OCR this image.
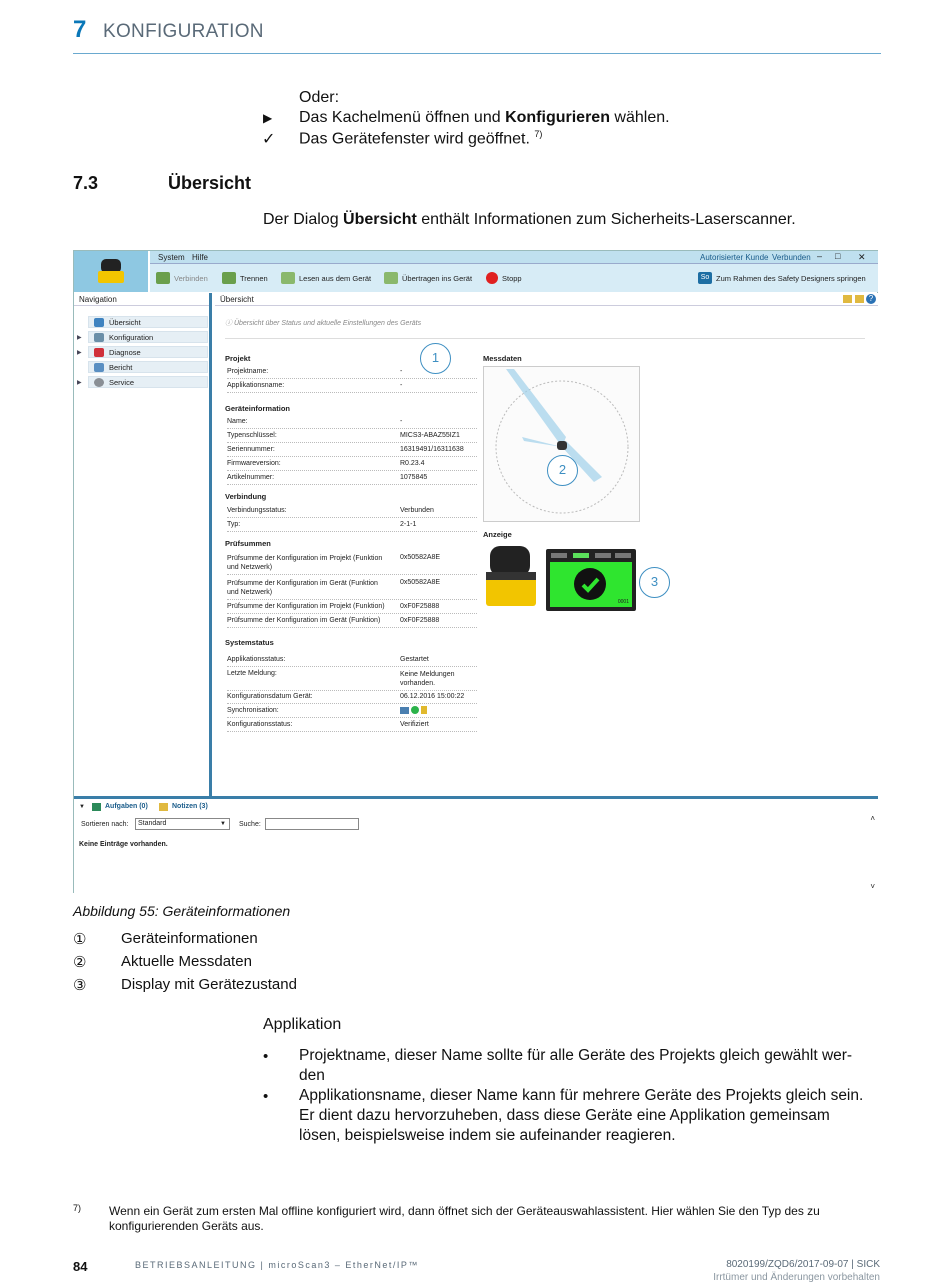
7 KONFIGURATION
Oder:
▶ Das Kachelmenü öffnen und Konfigurieren wählen.
✓ Das Gerätefenster wird geöffnet. $^{7)}$
7.3	Übersicht
Der Dialog Übersicht enthält Informationen zum Sicherheits-Laserscanner.
System Hilfe	Autorisierter Kunde Verbunden – □ ✕
Verbinden	Trennen	Lesen aus dem Gerät	Übertragen ins Gerät	Stopp	So Zum Rahmen des Safety Designers springen
Navigation
Übersicht
▶	Konfiguration
▶	Diagnose
Bericht
▶	Service
Übersicht	?
ⓘ Übersicht über Status und aktuelle Einstellungen des Geräts
Projekt
Projektname:	-
Applikationsname:	-
Geräteinformation
Name:	-
Typenschlüssel:	MICS3-ABAZ55IZ1
Seriennummer:	16319491/16311638
Firmwareversion:	R0.23.4
Artikelnummer:	1075845
Verbindung
Verbindungsstatus:	Verbunden
Typ:	2-1-1
Prüfsummen
Prüfsumme der Konfiguration im Projekt (Funktion
und Netzwerk)
0x50582A8E
Prüfsumme der Konfiguration im Gerät (Funktion
und Netzwerk)
0x50582A8E
Prüfsumme der Konfiguration im Projekt (Funktion) 0xF0F25888
Prüfsumme der Konfiguration im Gerät (Funktion)	0xF0F25888
Systemstatus
Applikationsstatus:	Gestartet
Letzte Meldung:	Keine Meldungen
vorhanden.
Konfigurationsdatum Gerät:	06.12.2016 15:00:22
Synchronisation:

Konfigurationsstatus:	Verifiziert
1	Messdaten
2
Anzeige
0001
3
▼	Aufgaben (0)	Notizen (3)
Sortieren nach:	Standard	▼ Suche:
Keine Einträge vorhanden.
˄
˅
Abbildung 55: Geräteinformationen
① Geräteinformationen
② Aktuelle Messdaten
③ Display mit Gerätezustand
Applikation
• Projektname, dieser Name sollte für alle Geräte des Projekts gleich gewählt wer-
den
• Applikationsname, dieser Name kann für mehrere Geräte des Projekts gleich sein.
Er dient dazu hervorzuheben, dass diese Geräte eine Applikation gemeinsam
lösen, beispielsweise indem sie aufeinander reagieren.
7) Wenn ein Gerät zum ersten Mal offline konfiguriert wird, dann öffnet sich der Geräteauswahlassistent. Hier wählen Sie den Typ des zu
konfigurierenden Geräts aus.
84	BETRIEBSANLEITUNG | microScan3 – EtherNet/IP™	8020199/ZQD6/2017-09-07 | SICK
Irrtümer und Änderungen vorbehalten
